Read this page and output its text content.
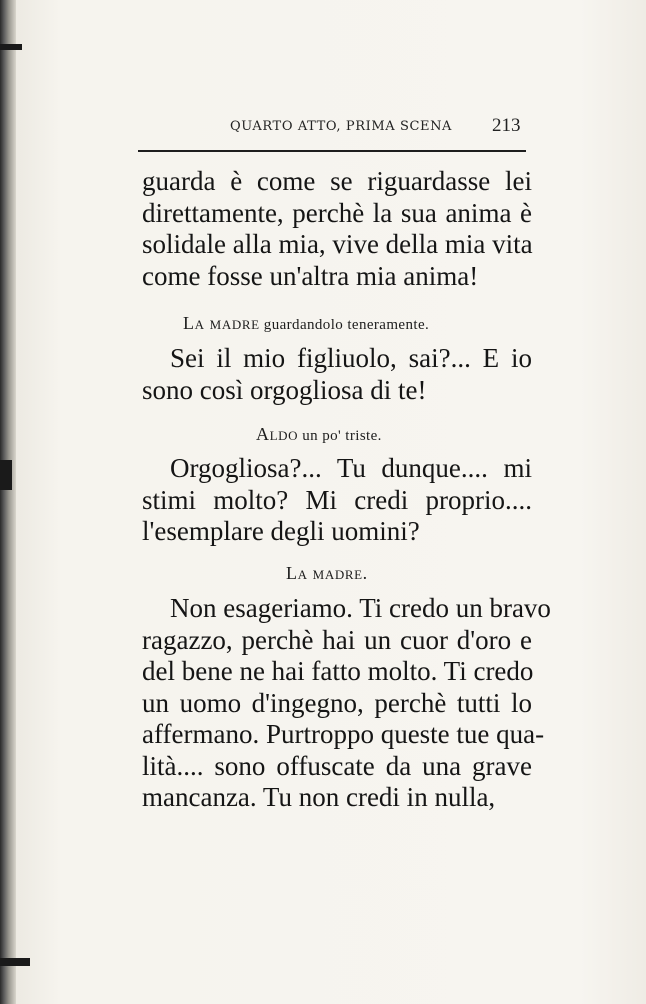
QUARTO ATTO, PRIMA SCENA 213
guarda è come se riguardasse lei
direttamente, perchè la sua anima è
solidale alla mia, vive della mia vita
come fosse un'altra mia anima!
La madre guardandolo teneramente.
Sei il mio figliuolo, sai?... E io
sono così orgogliosa di te!
Aldo un po' triste.
Orgogliosa?... Tu dunque.... mi
stimi molto? Mi credi proprio....
l'esemplare degli uomini?
La madre.
Non esageriamo. Ti credo un bravo
ragazzo, perchè hai un cuor d'oro e
del bene ne hai fatto molto. Ti credo
un uomo d'ingegno, perchè tutti lo
affermano. Purtroppo queste tue qua-
lità.... sono offuscate da una grave
mancanza. Tu non credi in nulla,
